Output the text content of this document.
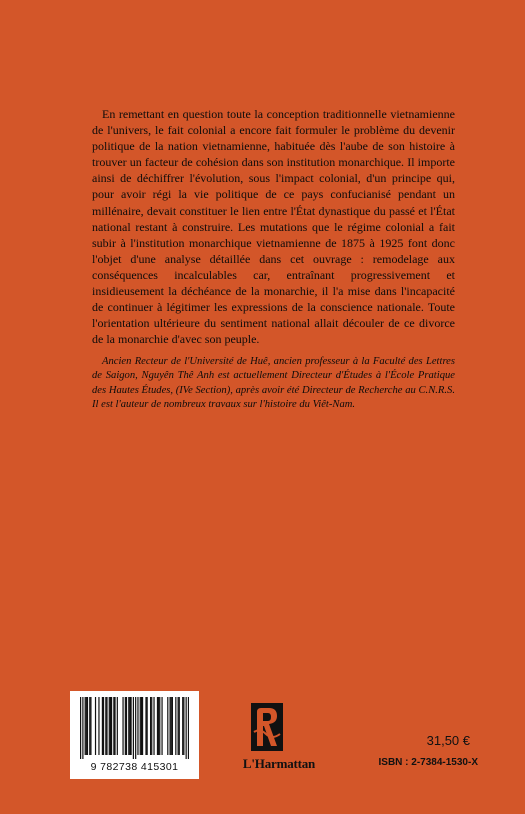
En remettant en question toute la conception traditionnelle vietnamienne de l'univers, le fait colonial a encore fait formuler le problème du devenir politique de la nation vietnamienne, habituée dès l'aube de son histoire à trouver un facteur de cohésion dans son institution monarchique. Il importe ainsi de déchiffrer l'évolution, sous l'impact colonial, d'un principe qui, pour avoir régi la vie politique de ce pays confucianisé pendant un millénaire, devait constituer le lien entre l'État dynastique du passé et l'État national restant à construire. Les mutations que le régime colonial a fait subir à l'institution monarchique vietnamienne de 1875 à 1925 font donc l'objet d'une analyse détaillée dans cet ouvrage : remodelage aux conséquences incalculables car, entraînant progressivement et insidieusement la déchéance de la monarchie, il l'a mise dans l'incapacité de continuer à légitimer les expressions de la conscience nationale. Toute l'orientation ultérieure du sentiment national allait découler de ce divorce de la monarchie d'avec son peuple.

Ancien Recteur de l'Université de Huê, ancien professeur à la Faculté des Lettres de Saigon, Nguyên Thê Anh est actuellement Directeur d'Études à l'École Pratique des Hautes Études, (IVe Section), après avoir été Directeur de Recherche au C.N.R.S. Il est l'auteur de nombreux travaux sur l'histoire du Viêt-Nam.

9 782738 415301	L'Harmattan
31,50 €
ISBN : 2-7384-1530-X
